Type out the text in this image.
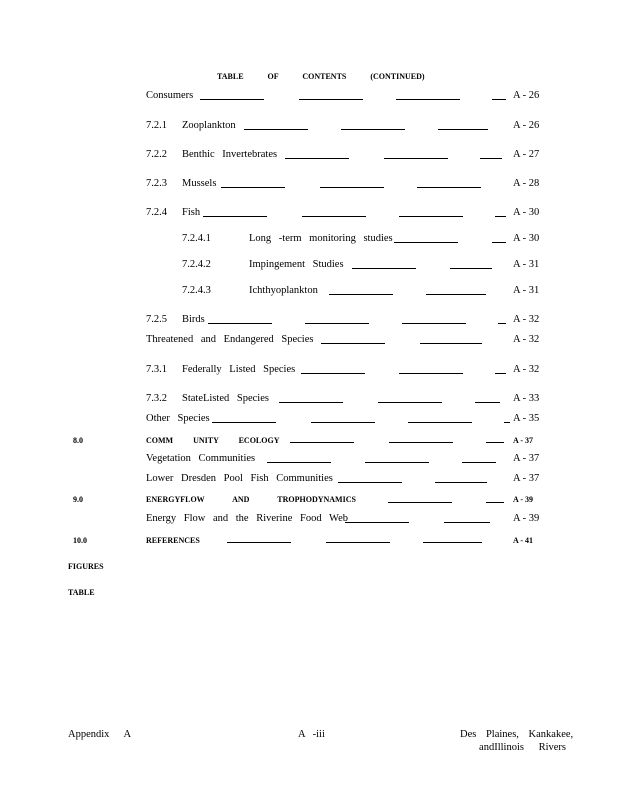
TABLE OF CONTENTS (CONTINUED)
Consumers	A - 26
7.2.1 Zooplankton	A - 26
7.2.2 Benthic Invertebrates	A - 27
7.2.3 Mussels	A - 28
7.2.4 Fish	A - 30
7.2.4.1	Long -term monitoring studies	A - 30
7.2.4.2	Impingement Studies	A - 31
7.2.4.3	Ichthyoplankton	A - 31
7.2.5 Birds	A - 32
Threatened and Endangered Species	A - 32
7.3.1 Federally Listed Species	A - 32
7.3.2 StateListed Species	A - 33
Other Species	A - 35
8.0	COMM UNITY ECOLOGY	A - 37
Vegetation Communities	A - 37
Lower Dresden Pool Fish Communities	A - 37
9.0	ENERGYFLOW AND TROPHODYNAMICS	A - 39
Energy Flow and the Riverine Food Web	A - 39
10.0	REFERENCES	A - 41
FIGURES
TABLE
Appendix A	A -iii	Des Plaines, Kankakee,
andIllinois Rivers
